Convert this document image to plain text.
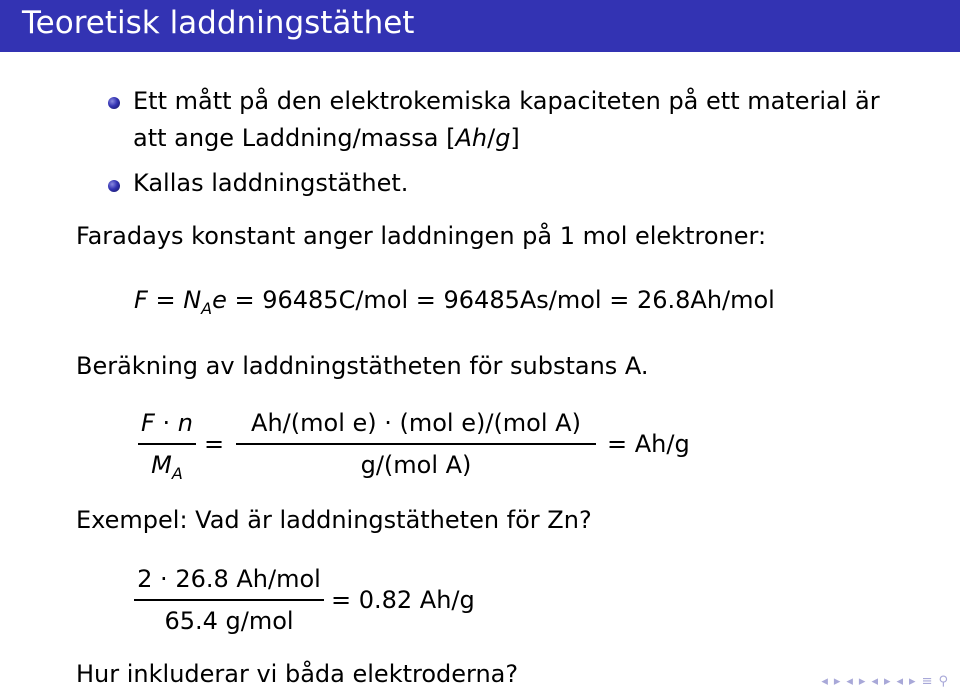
Teoretisk laddningstäthet
Ett mått på den elektrokemiska kapaciteten på ett material är
att ange Laddning/massa [Ah/g]
Kallas laddningstäthet.
Faradays konstant anger laddningen på 1 mol elektroner:
$F = N_Ae = 96485C/mol = 96485As/mol = 26.8Ah/mol$
Beräkning av laddningstätheten för substans A.
F · n
$M_A$
=
Ah/(mol e) · (mol e)/(mol A)
g/(mol A)
= Ah/g
Exempel: Vad är laddningstätheten för Zn?
2 · 26.8 Ah/mol
65.4 g/mol
= 0.82 Ah/g
Hur inkluderar vi båda elektroderna?	◂ ▸ ◂ ▸ ◂ ▸ ◂ ▸ ≡ ⚲
